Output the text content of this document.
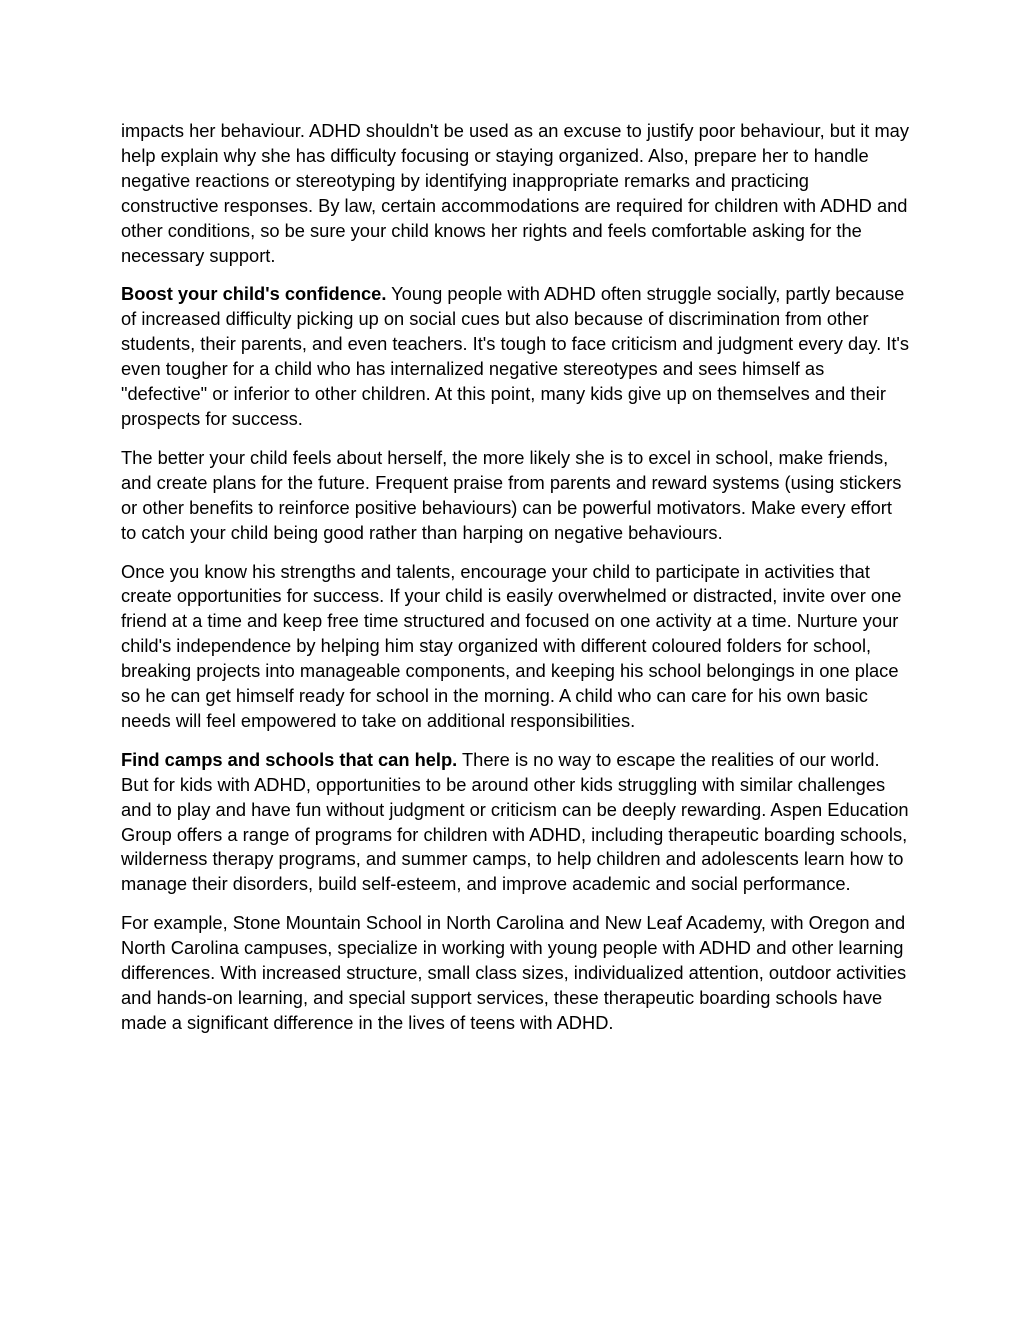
impacts her behaviour. ADHD shouldn't be used as an excuse to justify poor behaviour, but it may help explain why she has difficulty focusing or staying organized. Also, prepare her to handle negative reactions or stereotyping by identifying inappropriate remarks and practicing constructive responses. By law, certain accommodations are required for children with ADHD and other conditions, so be sure your child knows her rights and feels comfortable asking for the necessary support.

Boost your child's confidence. Young people with ADHD often struggle socially, partly because of increased difficulty picking up on social cues but also because of discrimination from other students, their parents, and even teachers. It's tough to face criticism and judgment every day. It's even tougher for a child who has internalized negative stereotypes and sees himself as "defective" or inferior to other children. At this point, many kids give up on themselves and their prospects for success.

The better your child feels about herself, the more likely she is to excel in school, make friends, and create plans for the future. Frequent praise from parents and reward systems (using stickers or other benefits to reinforce positive behaviours) can be powerful motivators. Make every effort to catch your child being good rather than harping on negative behaviours.

Once you know his strengths and talents, encourage your child to participate in activities that create opportunities for success. If your child is easily overwhelmed or distracted, invite over one friend at a time and keep free time structured and focused on one activity at a time. Nurture your child's independence by helping him stay organized with different coloured folders for school, breaking projects into manageable components, and keeping his school belongings in one place so he can get himself ready for school in the morning. A child who can care for his own basic needs will feel empowered to take on additional responsibilities.

Find camps and schools that can help. There is no way to escape the realities of our world. But for kids with ADHD, opportunities to be around other kids struggling with similar challenges and to play and have fun without judgment or criticism can be deeply rewarding. Aspen Education Group offers a range of programs for children with ADHD, including therapeutic boarding schools, wilderness therapy programs, and summer camps, to help children and adolescents learn how to manage their disorders, build self-esteem, and improve academic and social performance.

For example, Stone Mountain School in North Carolina and New Leaf Academy, with Oregon and North Carolina campuses, specialize in working with young people with ADHD and other learning differences. With increased structure, small class sizes, individualized attention, outdoor activities and hands-on learning, and special support services, these therapeutic boarding schools have made a significant difference in the lives of teens with ADHD.
